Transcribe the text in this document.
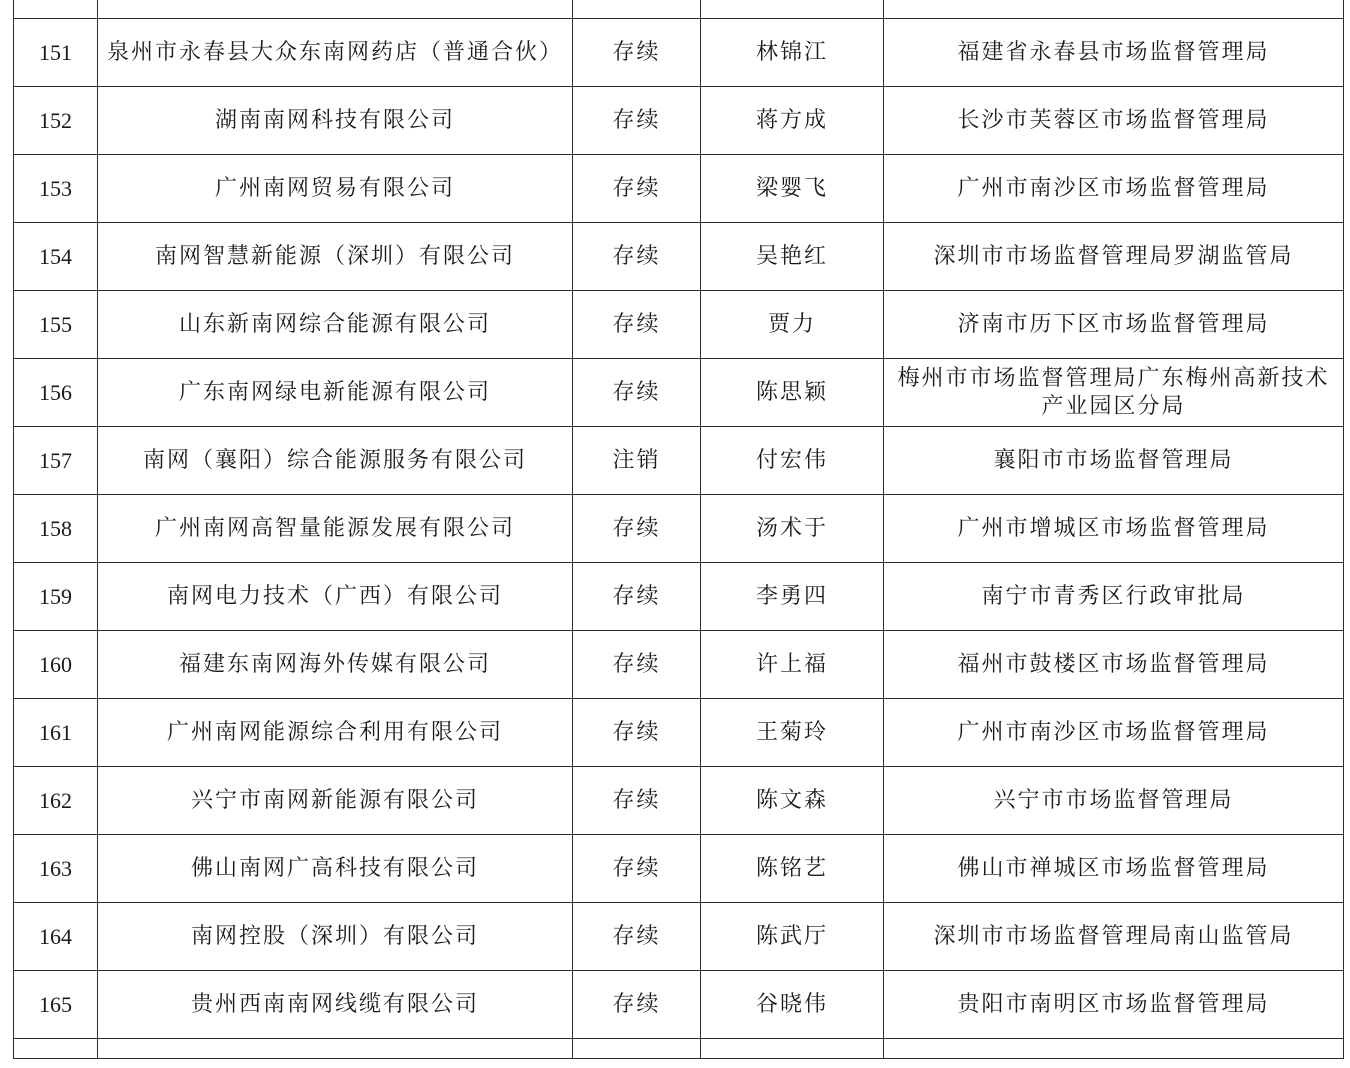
151	泉州市永春县大众东南网药店（普通合伙）	存续	林锦江	福建省永春县市场监督管理局
152	湖南南网科技有限公司	存续	蒋方成	长沙市芙蓉区市场监督管理局
153	广州南网贸易有限公司	存续	梁婴飞	广州市南沙区市场监督管理局
154	南网智慧新能源（深圳）有限公司	存续	吴艳红	深圳市市场监督管理局罗湖监管局
155	山东新南网综合能源有限公司	存续	贾力	济南市历下区市场监督管理局
156	广东南网绿电新能源有限公司	存续	陈思颖	梅州市市场监督管理局广东梅州高新技术产业园区分局
157	南网（襄阳）综合能源服务有限公司	注销	付宏伟	襄阳市市场监督管理局
158	广州南网高智量能源发展有限公司	存续	汤术于	广州市增城区市场监督管理局
159	南网电力技术（广西）有限公司	存续	李勇四	南宁市青秀区行政审批局
160	福建东南网海外传媒有限公司	存续	许上福	福州市鼓楼区市场监督管理局
161	广州南网能源综合利用有限公司	存续	王菊玲	广州市南沙区市场监督管理局
162	兴宁市南网新能源有限公司	存续	陈文森	兴宁市市场监督管理局
163	佛山南网广高科技有限公司	存续	陈铭艺	佛山市禅城区市场监督管理局
164	南网控股（深圳）有限公司	存续	陈武厅	深圳市市场监督管理局南山监管局
165	贵州西南南网线缆有限公司	存续	谷晓伟	贵阳市南明区市场监督管理局
